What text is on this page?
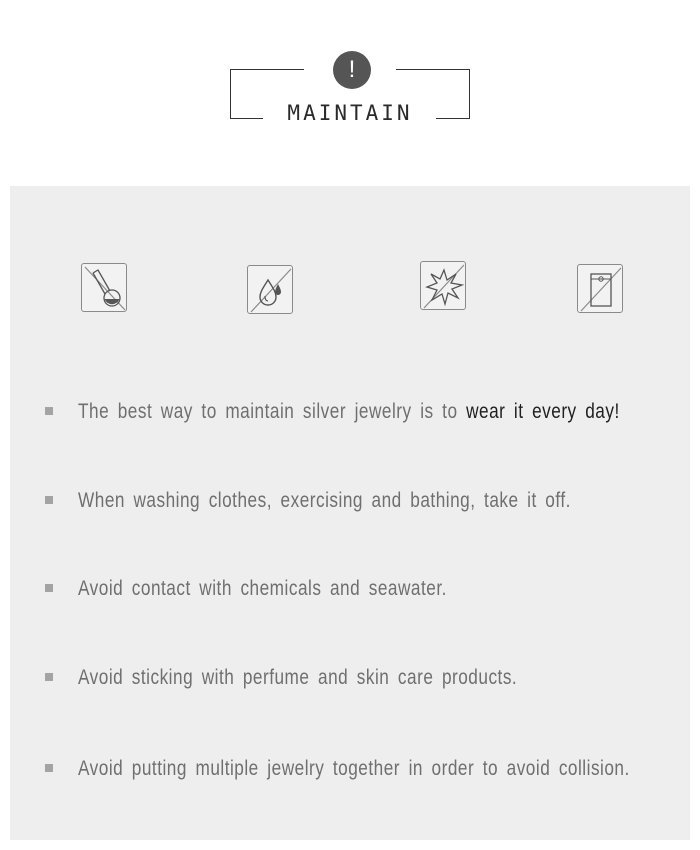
!
MAINTAIN
The best way to maintain silver jewelry is to wear it every day!
When washing clothes, exercising and bathing, take it off.
Avoid contact with chemicals and seawater.
Avoid sticking with perfume and skin care products.
Avoid putting multiple jewelry together in order to avoid collision.
